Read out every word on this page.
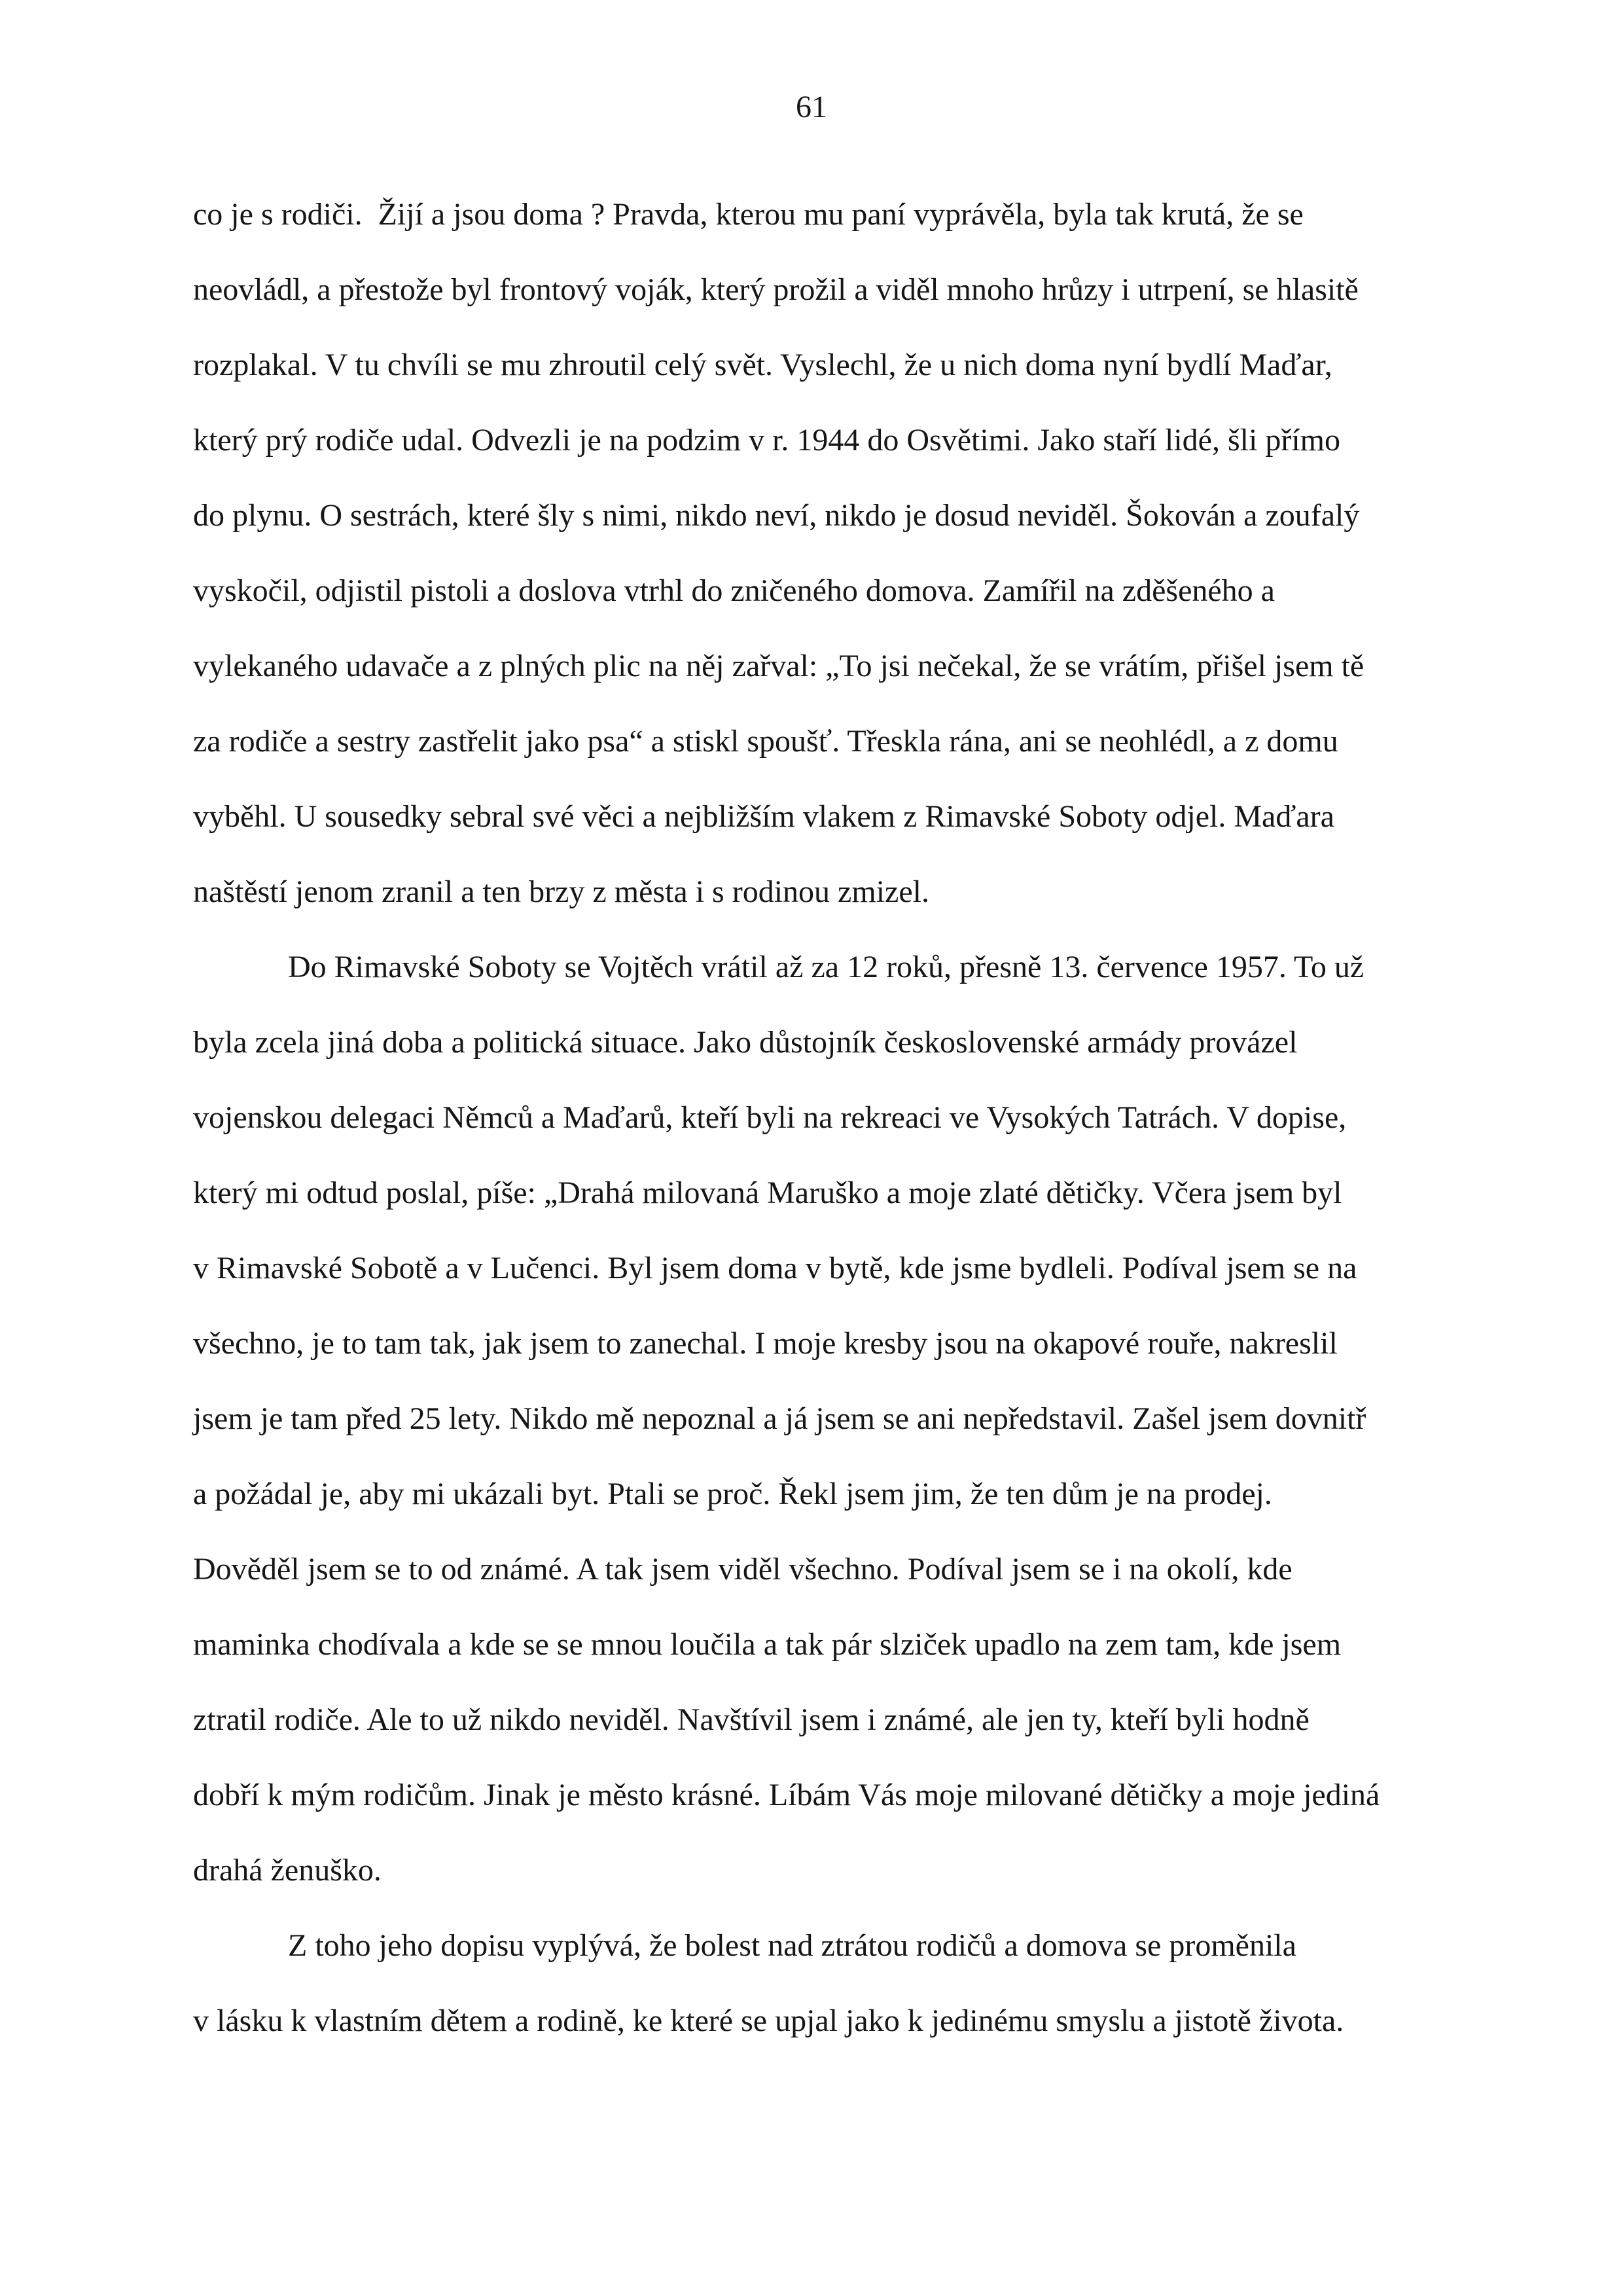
61
co je s rodiči.  Žijí a jsou doma ? Pravda, kterou mu paní vyprávěla, byla tak krutá, že se
neovládl, a přestože byl frontový voják, který prožil a viděl mnoho hrůzy i utrpení, se hlasitě
rozplakal. V tu chvíli se mu zhroutil celý svět. Vyslechl, že u nich doma nyní bydlí Maďar,
který prý rodiče udal. Odvezli je na podzim v r. 1944 do Osvětimi. Jako staří lidé, šli přímo
do plynu. O sestrách, které šly s nimi, nikdo neví, nikdo je dosud neviděl. Šokován a zoufalý
vyskočil, odjistil pistoli a doslova vtrhl do zničeného domova. Zamířil na zděšeného a
vylekaného udavače a z plných plic na něj zařval: „To jsi nečekal, že se vrátím, přišel jsem tě
za rodiče a sestry zastřelit jako psa“ a stiskl spoušť. Třeskla rána, ani se neohlédl, a z domu
vyběhl. U sousedky sebral své věci a nejbližším vlakem z Rimavské Soboty odjel. Maďara
naštěstí jenom zranil a ten brzy z města i s rodinou zmizel.
Do Rimavské Soboty se Vojtěch vrátil až za 12 roků, přesně 13. července 1957. To už
byla zcela jiná doba a politická situace. Jako důstojník československé armády provázel
vojenskou delegaci Němců a Maďarů, kteří byli na rekreaci ve Vysokých Tatrách. V dopise,
který mi odtud poslal, píše: „Drahá milovaná Maruško a moje zlaté dětičky. Včera jsem byl
v Rimavské Sobotě a v Lučenci. Byl jsem doma v bytě, kde jsme bydleli. Podíval jsem se na
všechno, je to tam tak, jak jsem to zanechal. I moje kresby jsou na okapové rouře, nakreslil
jsem je tam před 25 lety. Nikdo mě nepoznal a já jsem se ani nepředstavil. Zašel jsem dovnitř
a požádal je, aby mi ukázali byt. Ptali se proč. Řekl jsem jim, že ten dům je na prodej.
Dověděl jsem se to od známé. A tak jsem viděl všechno. Podíval jsem se i na okolí, kde
maminka chodívala a kde se se mnou loučila a tak pár slziček upadlo na zem tam, kde jsem
ztratil rodiče. Ale to už nikdo neviděl. Navštívil jsem i známé, ale jen ty, kteří byli hodně
dobří k mým rodičům. Jinak je město krásné. Líbám Vás moje milované dětičky a moje jediná
drahá ženuško.
Z toho jeho dopisu vyplývá, že bolest nad ztrátou rodičů a domova se proměnila
v lásku k vlastním dětem a rodině, ke které se upjal jako k jedinému smyslu a jistotě života.
